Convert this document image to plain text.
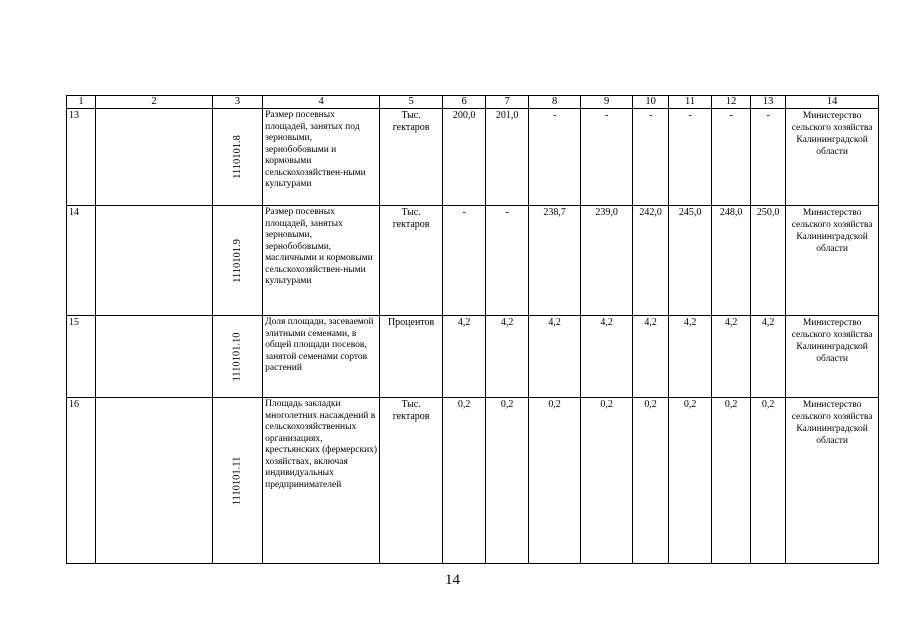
1	2	3	4	5	6	7	8	9	10	11	12	13	14
13		1110101.8	Размер посевных площадей, занятых под зерновыми, зернобобовыми и кормовыми сельскохозяйствен-ными культурами	Тыс. гектаров	200,0	201,0	-	-	-	-	-	-	Министерство сельского хозяйства Калининградской области
14		1110101.9	Размер посевных площадей, занятых зерновыми, зернобобовыми, масличными и кормовыми сельскохозяйствен-ными культурами	Тыс. гектаров	-	-	238,7	239,0	242,0	245,0	248,0	250,0	Министерство сельского хозяйства Калининградской области
15		1110101.10	Доля площади, засеваемой элитными семенами, в общей площади посевов, занятой семенами сортов растений	Процентов	4,2	4,2	4,2	4,2	4,2	4,2	4,2	4,2	Министерство сельского хозяйства Калининградской области
16		1110101.11	Площадь закладки многолетних насаждений в сельскохозяйственных организациях, крестьянских (фермерских) хозяйствах, включая индивидуальных предпринимателей	Тыс. гектаров	0,2	0,2	0,2	0,2	0,2	0,2	0,2	0,2	Министерство сельского хозяйства Калининградской области
14
